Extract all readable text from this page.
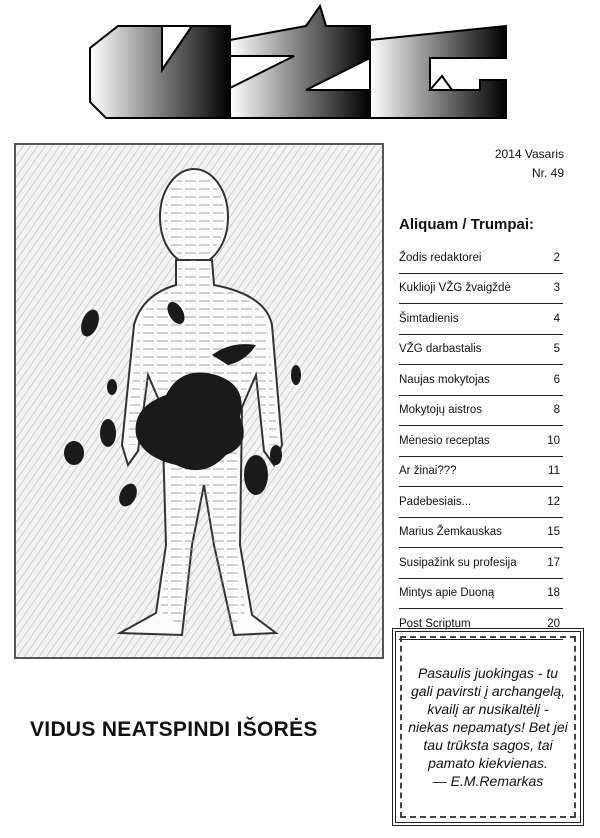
2014 Vasaris
Nr. 49
Aliquam / Trumpai:
Žodis redaktorei	2
Kuklioji VŽG žvaigždė	3
Šimtadienis	4
VŽG darbastalis	5
Naujas mokytojas	6
Mokytojų aistros	8
Mėnesio receptas	10
Ar žinai???	11
Padebesiais...	12
Marius Žemkauskas	15
Susipažink su profesija	17
Mintys apie Duoną	18
Post Scriptum	20
VIDUS NEATSPINDI IŠORĖS
Pasaulis juokingas - tu gali pavirsti į archangelą, kvailį ar nusikaltėlį - niekas nepamatys! Bet jei tau trūksta sagos, tai pamato kiekvienas.
— E.M.Remarkas
